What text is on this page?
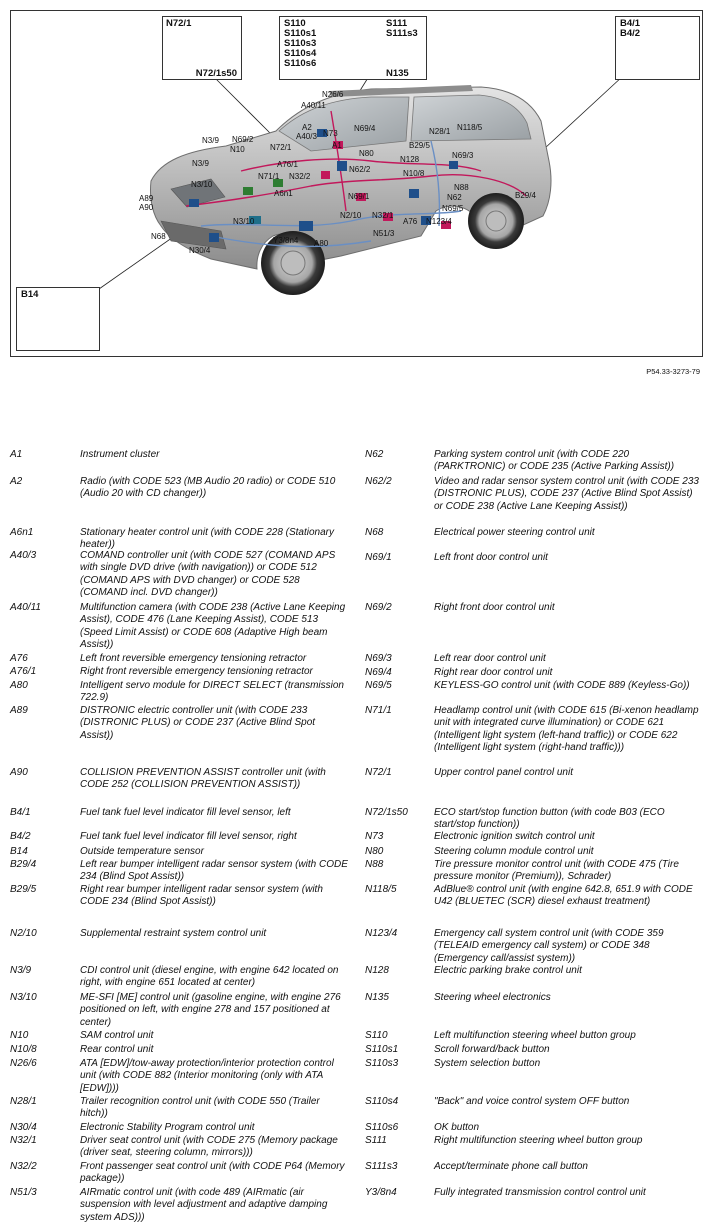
N72/1
N72/1s50
S110
S110s1
S110s3
S110s4
S110s6
S111
S111s3
N135
B4/1
B4/2
B14
N26/6
A40/11
A2
A40/3 N73
N69/4
A1
N3/9 N69/2
N10	N72/1
A76/1
N3/9
N71/1 N32/2
N3/10
A89
A90
A6n1
N3/10
N68
N30/4
Y3/8n4 A80
N2/10
N69/1
N32/1
N62/2
N80
N128
N10/8
N28/1 N118/5
B29/5
N69/3
N88
N62
N69/5
A76 N123/4
N51/3
B29/4
P54.33-3273-79
A1	Instrument cluster
A2	Radio (with CODE 523 (MB Audio 20 radio) or CODE 510 (Audio 20 with CD changer))
A6n1	Stationary heater control unit (with CODE 228 (Stationary heater))
A40/3	COMAND controller unit (with CODE 527 (COMAND APS with single DVD drive (with navigation)) or CODE 512 (COMAND APS with DVD changer) or CODE 528 (COMAND incl. DVD changer))
A40/11	Multifunction camera (with CODE 238 (Active Lane Keeping Assist), CODE 476 (Lane Keeping Assist), CODE 513 (Speed Limit Assist) or CODE 608 (Adaptive High beam Assist))
A76	Left front reversible emergency tensioning retractor
A76/1	Right front reversible emergency tensioning retractor
A80	Intelligent servo module for DIRECT SELECT (transmission 722.9)
A89	DISTRONIC electric controller unit (with CODE 233 (DISTRONIC PLUS) or CODE 237 (Active Blind Spot Assist))
A90	COLLISION PREVENTION ASSIST controller unit (with CODE 252 (COLLISION PREVENTION ASSIST))
B4/1	Fuel tank fuel level indicator fill level sensor, left
B4/2	Fuel tank fuel level indicator fill level sensor, right
B14	Outside temperature sensor
B29/4	Left rear bumper intelligent radar sensor system (with CODE 234 (Blind Spot Assist))
B29/5	Right rear bumper intelligent radar sensor system (with CODE 234 (Blind Spot Assist))
N2/10	Supplemental restraint system control unit
N3/9	CDI control unit (diesel engine, with engine 642 located on right, with engine 651 located at center)
N3/10	ME-SFI [ME] control unit (gasoline engine, with engine 276 positioned on left, with engine 278 and 157 positioned at center)
N10	SAM control unit
N10/8	Rear control unit
N26/6	ATA [EDW]/tow-away protection/interior protection control unit (with CODE 882 (Interior monitoring (only with ATA [EDW])))
N28/1	Trailer recognition control unit (with CODE 550 (Trailer hitch))
N30/4	Electronic Stability Program control unit
N32/1	Driver seat control unit (with CODE 275 (Memory package (driver seat, steering column, mirrors)))
N32/2	Front passenger seat control unit (with CODE P64 (Memory package))
N51/3	AIRmatic control unit (with code 489 (AIRmatic (air suspension with level adjustment and adaptive damping system ADS)))
N62	Parking system control unit (with CODE 220 (PARKTRONIC) or CODE 235 (Active Parking Assist))
N62/2	Video and radar sensor system control unit (with CODE 233 (DISTRONIC PLUS), CODE 237 (Active Blind Spot Assist) or CODE 238 (Active Lane Keeping Assist))
N68	Electrical power steering control unit
N69/1	Left front door control unit
N69/2	Right front door control unit
N69/3	Left rear door control unit
N69/4	Right rear door control unit
N69/5	KEYLESS-GO control unit (with CODE 889 (Keyless-Go))
N71/1	Headlamp control unit (with CODE 615 (Bi-xenon headlamp unit with integrated curve illumination) or CODE 621 (Intelligent light system (left-hand traffic)) or CODE 622 (Intelligent light system (right-hand traffic)))
N72/1	Upper control panel control unit
N72/1s50	ECO start/stop function button (with code B03 (ECO start/stop function))
N73	Electronic ignition switch control unit
N80	Steering column module control unit
N88	Tire pressure monitor control unit (with CODE 475 (Tire pressure monitor (Premium)), Schrader)
N118/5	AdBlue® control unit (with engine 642.8, 651.9 with CODE U42 (BLUETEC (SCR) diesel exhaust treatment)
N123/4	Emergency call system control unit (with CODE 359 (TELEAID emergency call system) or CODE 348 (Emergency call/assist system))
N128	Electric parking brake control unit
N135	Steering wheel electronics
S110	Left multifunction steering wheel button group
S110s1	Scroll forward/back button
S110s3	System selection button
S110s4	"Back" and voice control system OFF button
S110s6	OK button
S111	Right multifunction steering wheel button group
S111s3	Accept/terminate phone call button
Y3/8n4	Fully integrated transmission control control unit
